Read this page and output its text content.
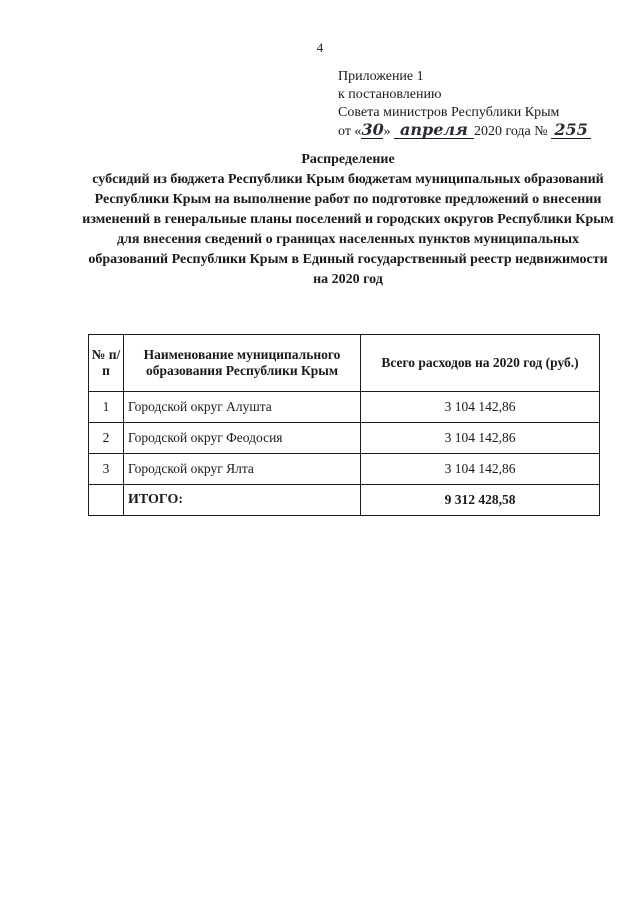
4
Приложение 1
к постановлению
Совета министров Республики Крым
от «30» апреля 2020 года № 255
Распределение
субсидий из бюджета Республики Крым бюджетам муниципальных образований Республики Крым на выполнение работ по подготовке предложений о внесении изменений в генеральные планы поселений и городских округов Республики Крым для внесения сведений о границах населенных пунктов муниципальных образований Республики Крым в Единый государственный реестр недвижимости на 2020 год
№ п/п	Наименование муниципального образования Республики Крым	Всего расходов на 2020 год (руб.)
1	Городской округ Алушта	3 104 142,86
2	Городской округ Феодосия	3 104 142,86
3	Городской округ Ялта	3 104 142,86
	ИТОГО:	9 312 428,58
